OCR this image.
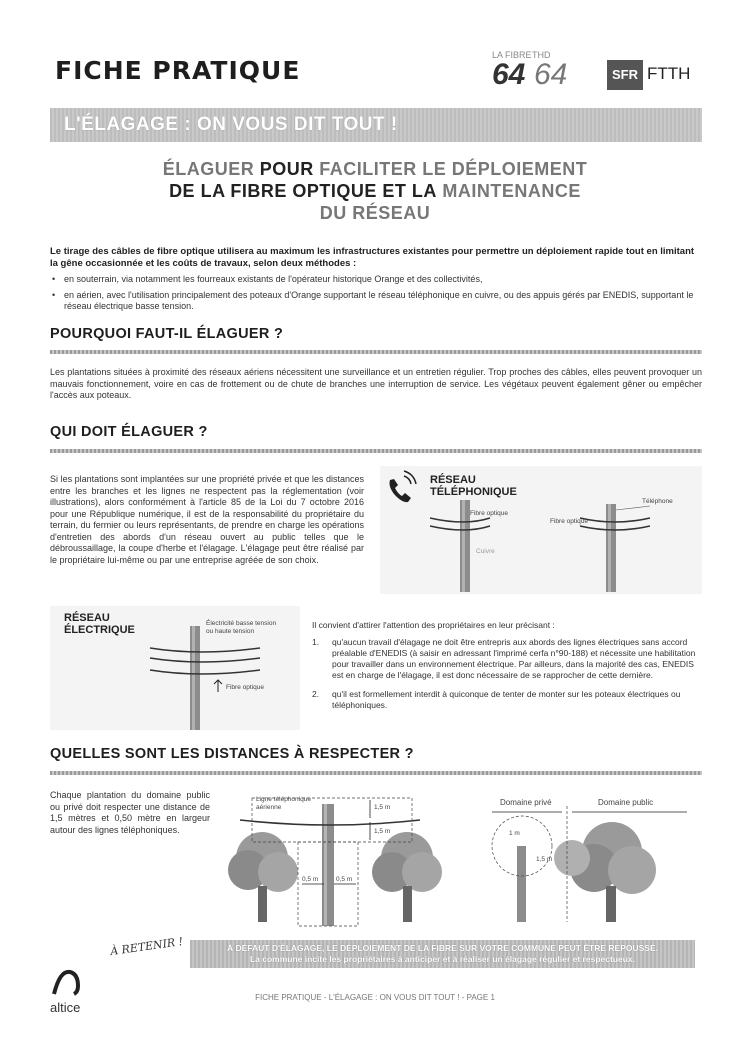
FICHE PRATIQUE
LA FIBRE THD
64 64	SFR FTTH
L'ÉLAGAGE : ON VOUS DIT TOUT !
ÉLAGUER POUR FACILITER LE DÉPLOIEMENT
DE LA FIBRE OPTIQUE ET LA MAINTENANCE
DU RÉSEAU
Le tirage des câbles de fibre optique utilisera au maximum les infrastructures existantes pour permettre un déploiement rapide tout en limitant la gêne occasionnée et les coûts de travaux, selon deux méthodes :
• en souterrain, via notamment les fourreaux existants de l'opérateur historique Orange et des collectivités,
• en aérien, avec l'utilisation principalement des poteaux d'Orange supportant le réseau téléphonique en cuivre, ou des appuis gérés par ENEDIS, supportant le réseau électrique basse tension.
POURQUOI FAUT-IL ÉLAGUER ?
Les plantations situées à proximité des réseaux aériens nécessitent une surveillance et un entretien régulier. Trop proches des câbles, elles peuvent provoquer un mauvais fonctionnement, voire en cas de frottement ou de chute de branches une interruption de service. Les végétaux peuvent également gêner ou empêcher l'accès aux poteaux.
QUI DOIT ÉLAGUER ?
Si les plantations sont implantées sur une propriété privée et que les distances entre les branches et les lignes ne respectent pas la réglementation (voir illustrations), alors conformément à l'article 85 de la Loi du 7 octobre 2016 pour une République numérique, il est de la responsabilité du propriétaire du terrain, du fermier ou leurs représentants, de prendre en charge les opérations d'entretien des abords d'un réseau ouvert au public telles que le débroussaillage, la coupe d'herbe et l'élagage. L'élagage peut être réalisé par le propriétaire lui-même ou par une entreprise agréée de son choix.
RÉSEAU
TÉLÉPHONIQUE
Fibre optique
Fibre optique
Téléphone
Cuivre
RÉSEAU
ÉLECTRIQUE
Électricité basse tension
ou haute tension
Fibre optique
Il convient d'attirer l'attention des propriétaires en leur précisant :
1. qu'aucun travail d'élagage ne doit être entrepris aux abords des lignes électriques sans accord préalable d'ENEDIS (à saisir en adressant l'imprimé cerfa n°90-188) et nécessite une habilitation pour travailler dans un environnement électrique. Par ailleurs, dans la majorité des cas, ENEDIS est en charge de l'élagage, il est donc nécessaire de se rapprocher de cette dernière.
2. qu'il est formellement interdit à quiconque de tenter de monter sur les poteaux électriques ou téléphoniques.
QUELLES SONT LES DISTANCES À RESPECTER ?
Chaque plantation du domaine public ou privé doit respecter une distance de 1,5 mètres et 0,50 mètre en largeur autour des lignes téléphoniques.
Ligne téléphonique
aérienne	1,5 m
1,5 m
0,5 m	0,5 m
Domaine privé	Domaine public
1 m
1,5 m
À RETENIR !	À DÉFAUT D'ÉLAGAGE, LE DÉPLOIEMENT DE LA FIBRE SUR VOTRE COMMUNE PEUT ÊTRE REPOUSSÉ.
La commune incite les propriétaires à anticiper et à réaliser un élagage régulier et respectueux.
altice
FICHE PRATIQUE - L'ÉLAGAGE : ON VOUS DIT TOUT ! - PAGE 1
